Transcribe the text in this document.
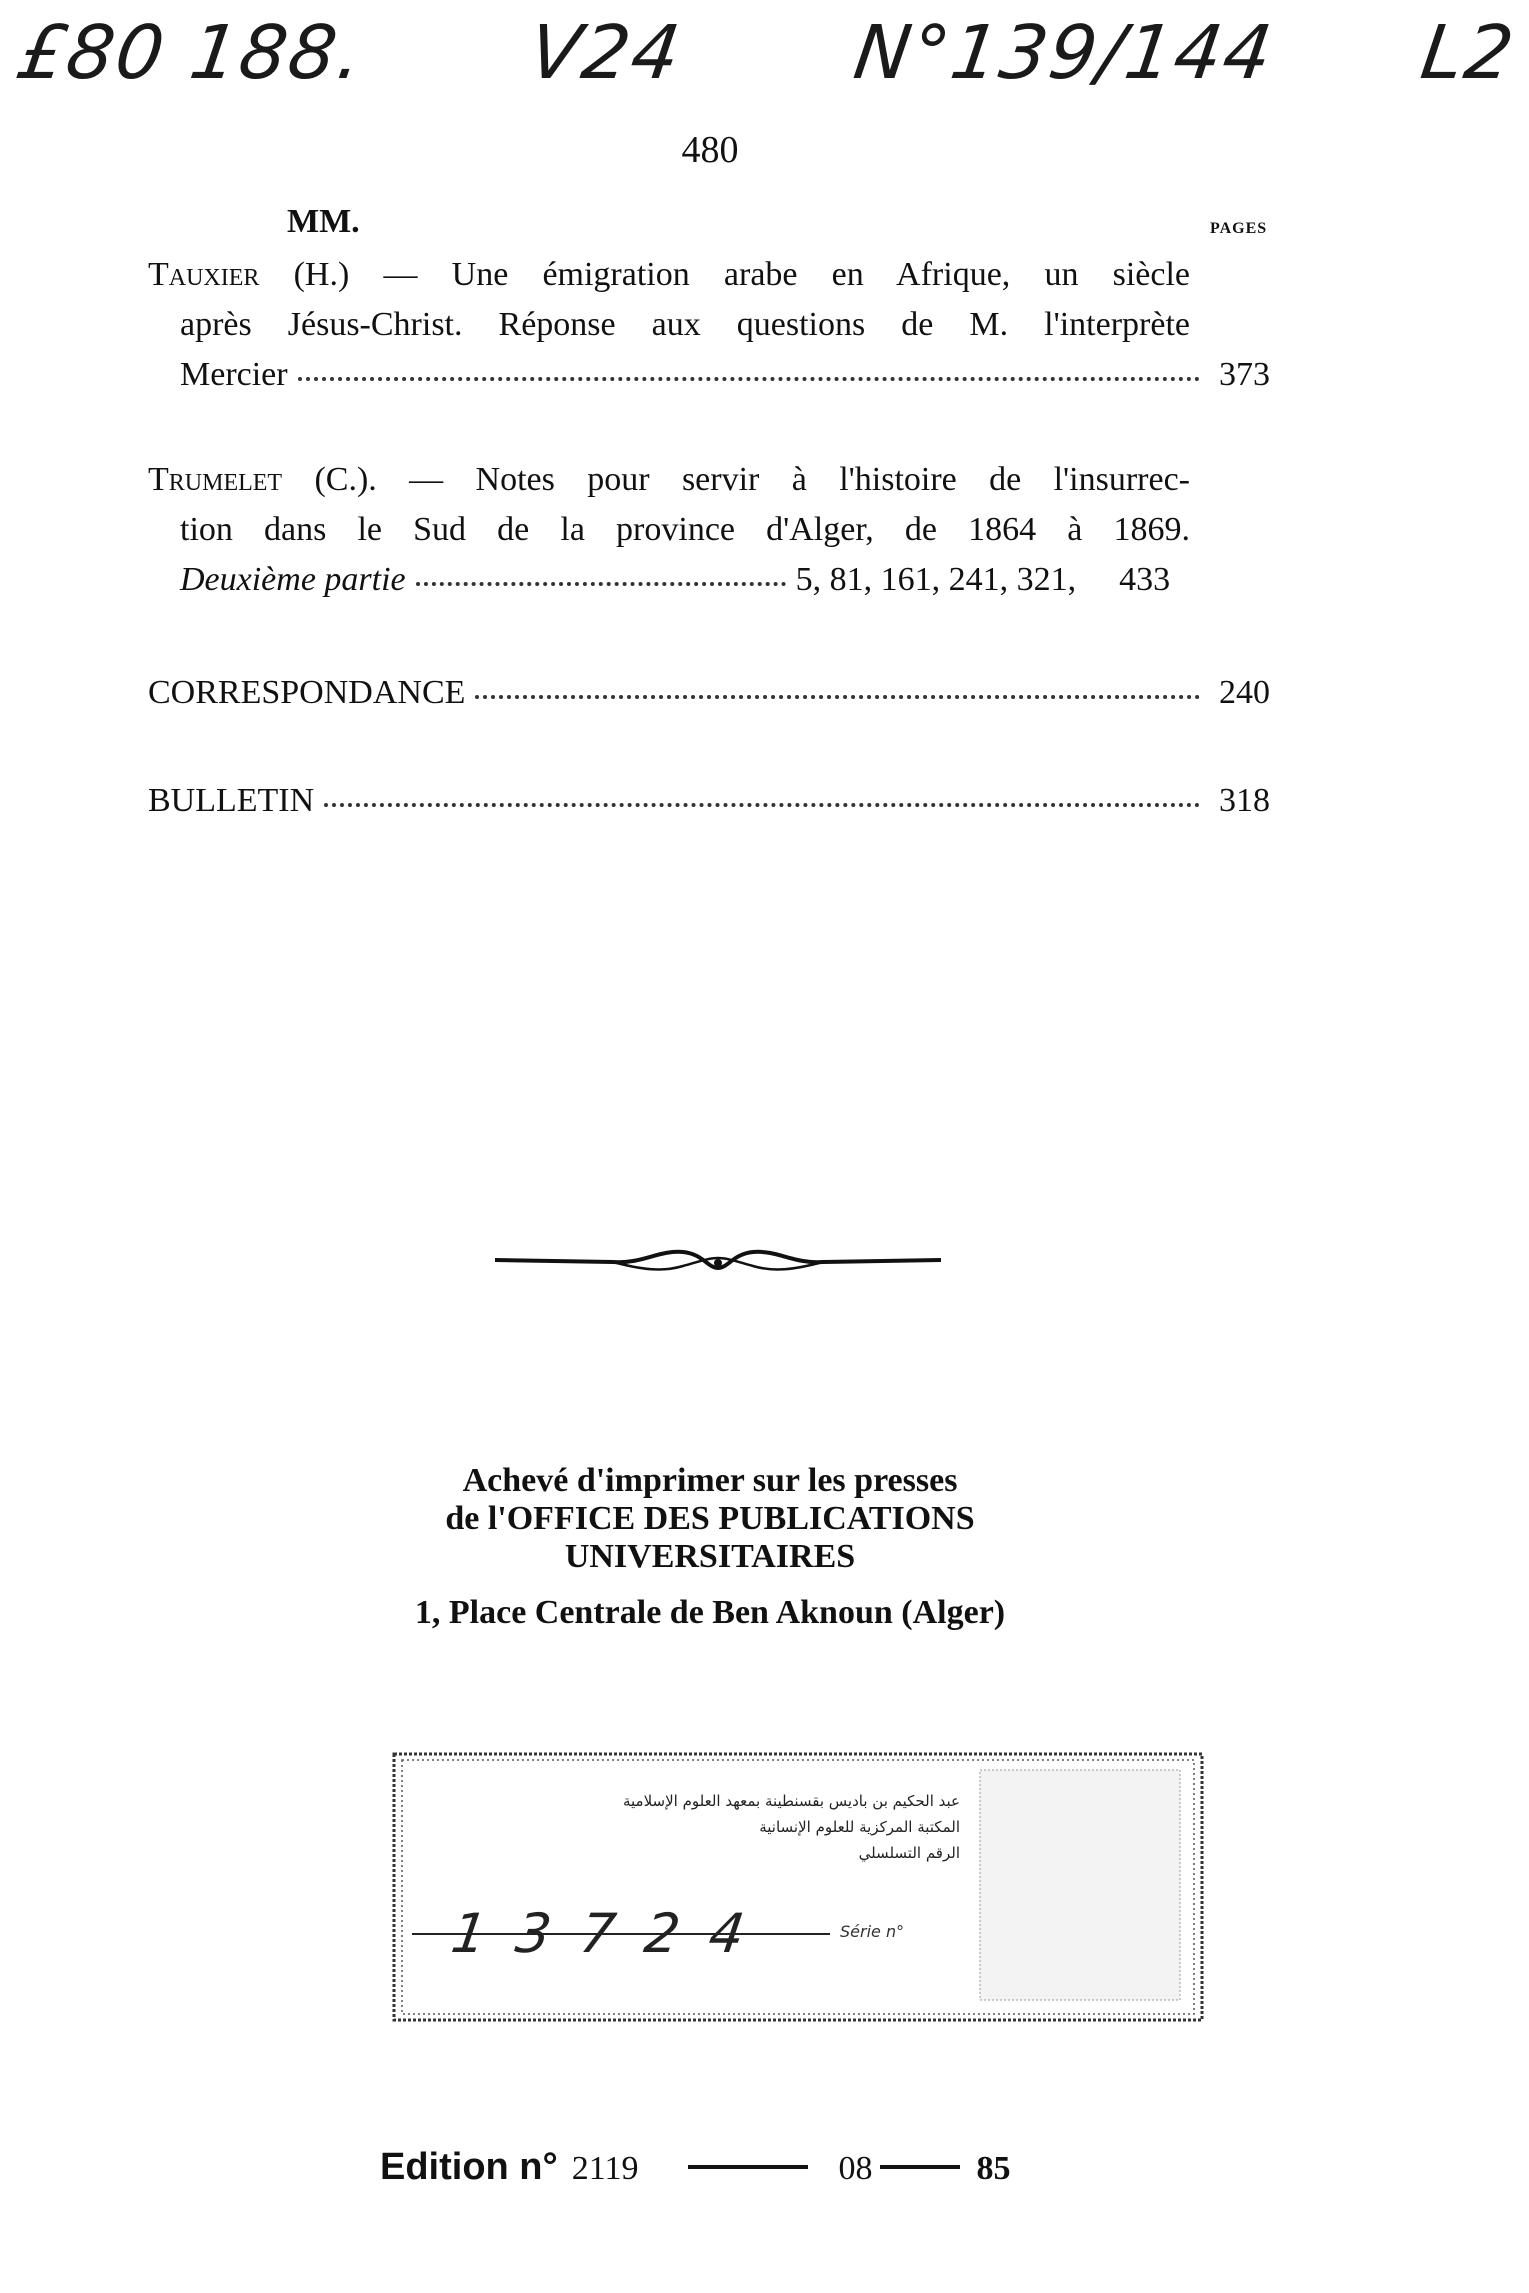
£80 188. V24 N°139/144 L2
480
MM.	PAGES
Tauxier (H.) — Une émigration arabe en Afrique, un siècle
après Jésus-Christ. Réponse aux questions de M. l'interprète
Mercier	373
Trumelet (C.). — Notes pour servir à l'histoire de l'insurrec-
tion dans le Sud de la province d'Alger, de 1864 à 1869.
Deuxième partie	5, 81, 161, 241, 321, 433
CORRESPONDANCE	240
BULLETIN	318
Achevé d'imprimer sur les presses
de l'OFFICE DES PUBLICATIONS
UNIVERSITAIRES
1, Place Centrale de Ben Aknoun (Alger)
عبد الحكيم بن باديس بقسنطينة بمعهد العلوم الإسلامية
المكتبة المركزية للعلوم الإنسانية
الرقم التسلسلي
13724	Série n°
Edition n° 2119	08	85
